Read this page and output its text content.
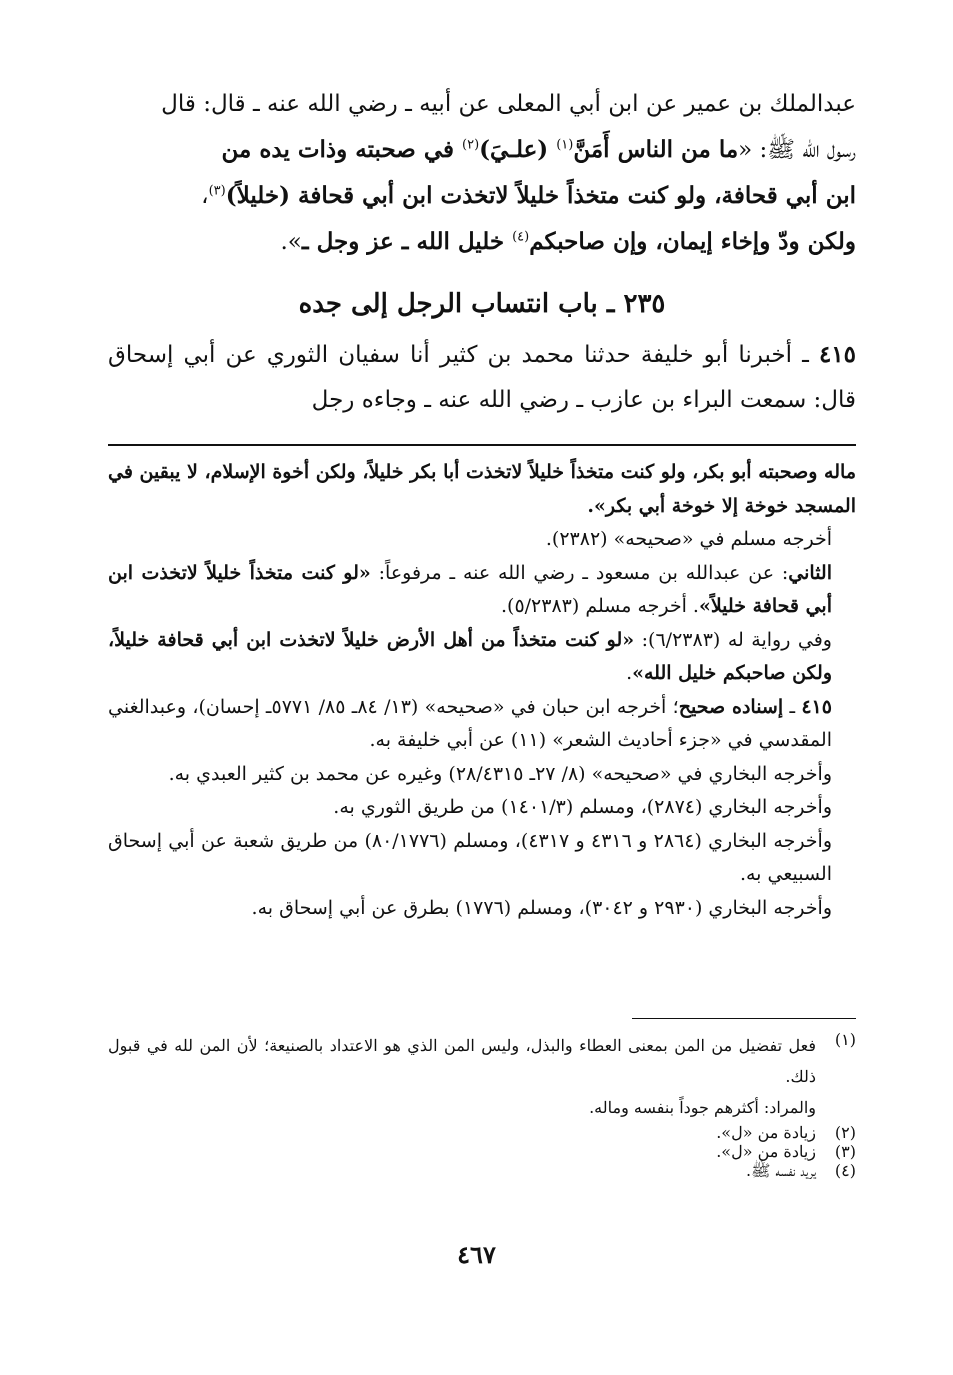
عبدالملك بن عمير عن ابن أبي المعلى عن أبيه ـ رضي الله عنه ـ قال: قال

رسول الله ﷺ: «ما من الناس أَمَنَّ$^{(١)}$ (علـيَ)$^{(٢)}$ في صحبته وذات يده من

ابن أبي قحافة، ولو كنت متخذاً خليلاً لاتخذت ابن أبي قحافة (خليلاً)$^{(٣)}$،

ولكن ودّ وإخاء إيمان، وإن صاحبكم$^{(٤)}$ خليل الله ـ عز وجل ـ».

٢٣٥ ـ باب انتساب الرجل إلى جده

٤١٥ ـ أخبرنا أبو خليفة حدثنا محمد بن كثير أنا سفيان الثوري عن أبي إسحاق قال: سمعت البراء بن عازب ـ رضي الله عنه ـ وجاءه رجل

ماله وصحبته أبو بكر، ولو كنت متخذاً خليلاً لاتخذت أبا بكر خليلاً، ولكن أخوة الإسلام، لا يبقين في المسجد خوخة إلا خوخة أبي بكر».

أخرجه مسلم في «صحيحه» (٢٣٨٢).

الثاني: عن عبدالله بن مسعود ـ رضي الله عنه ـ مرفوعاً: «لو كنت متخذاً خليلاً لاتخذت ابن أبي قحافة خليلاً». أخرجه مسلم (٥/٢٣٨٣).

وفي رواية له (٦/٢٣٨٣): «لو كنت متخذاً من أهل الأرض خليلاً لاتخذت ابن أبي قحافة خليلاً، ولكن صاحبكم خليل الله».

٤١٥ ـ إسناده صحيح؛ أخرجه ابن حبان في «صحيحه» (١٣/ ٨٤ـ ٨٥/ ٥٧٧١ـ إحسان)، وعبدالغني المقدسي في «جزء أحاديث الشعر» (١١) عن أبي خليفة به.

وأخرجه البخاري في «صحيحه» (٨/ ٢٧ـ ٢٨/٤٣١٥) وغيره عن محمد بن كثير العبدي به.

وأخرجه البخاري (٢٨٧٤)، ومسلم (١٤٠١/٣) من طريق الثوري به.

وأخرجه البخاري (٢٨٦٤ و ٤٣١٦ و ٤٣١٧)، ومسلم (٨٠/١٧٧٦) من طريق شعبة عن أبي إسحاق السبيعي به.

وأخرجه البخاري (٢٩٣٠ و ٣٠٤٢)، ومسلم (١٧٧٦) بطرق عن أبي إسحاق به.

(١)

فعل تفضيل من المن بمعنى العطاء والبذل، وليس المن الذي هو الاعتداد بالصنيعة؛ لأن المن لله في قبول ذلك.

والمراد: أكثرهم جوداً بنفسه وماله.

(٢)
زيادة من «ل».
(٣)
زيادة من «ل».
(٤)
يريد نفسه ﷺ.
٤٦٧
